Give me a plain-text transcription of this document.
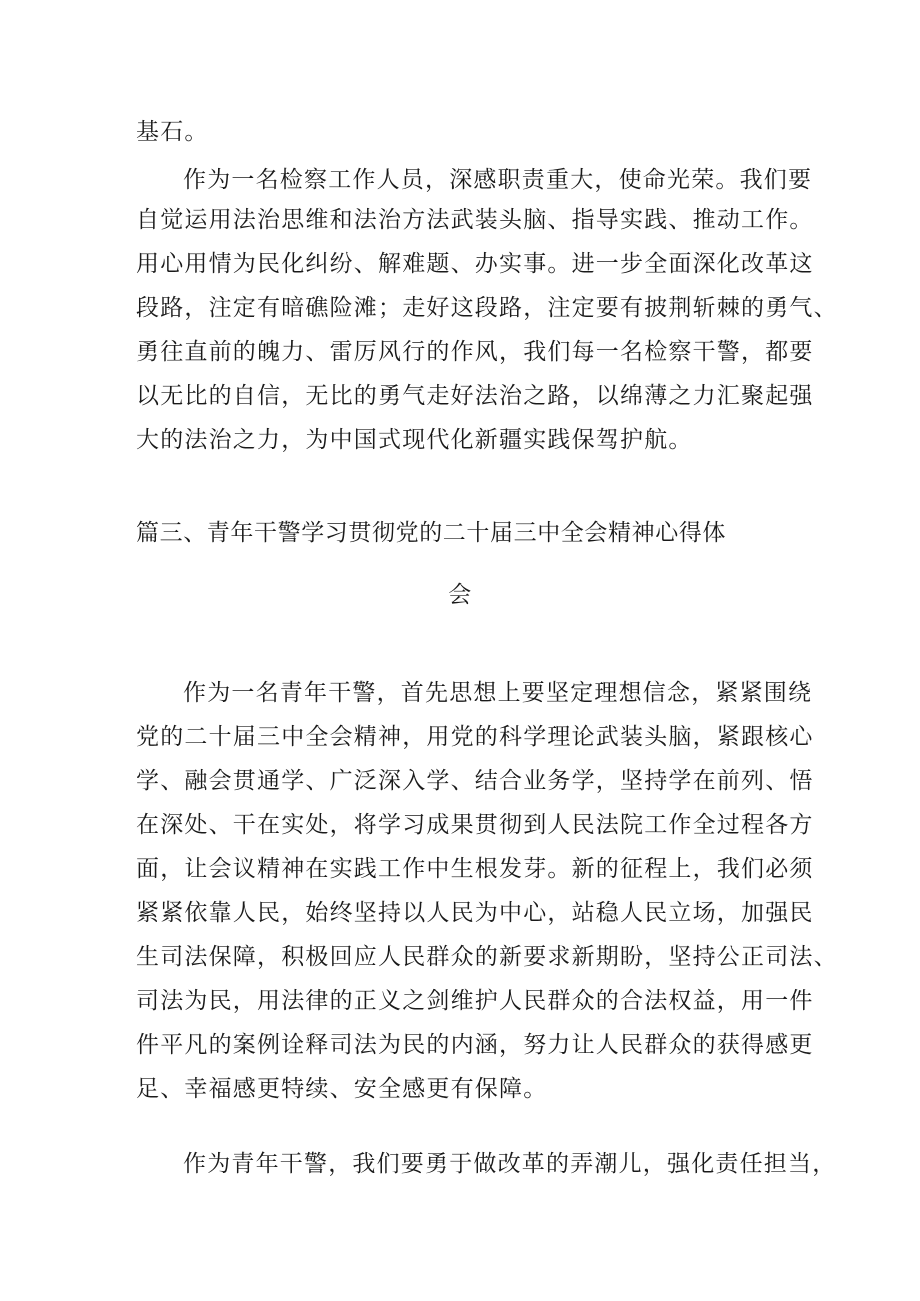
基石。

作为一名检察工作人员，深感职责重大，使命光荣。我们要

自觉运用法治思维和法治方法武装头脑、指导实践、推动工作。

用心用情为民化纠纷、解难题、办实事。进一步全面深化改革这

段路，注定有暗礁险滩；走好这段路，注定要有披荆斩棘的勇气、

勇往直前的魄力、雷厉风行的作风，我们每一名检察干警，都要

以无比的自信，无比的勇气走好法治之路，以绵薄之力汇聚起强

大的法治之力，为中国式现代化新疆实践保驾护航。

篇三、青年干警学习贯彻党的二十届三中全会精神心得体

会

作为一名青年干警，首先思想上要坚定理想信念，紧紧围绕

党的二十届三中全会精神，用党的科学理论武装头脑，紧跟核心

学、融会贯通学、广泛深入学、结合业务学，坚持学在前列、悟

在深处、干在实处，将学习成果贯彻到人民法院工作全过程各方

面，让会议精神在实践工作中生根发芽。新的征程上，我们必须

紧紧依靠人民，始终坚持以人民为中心，站稳人民立场，加强民

生司法保障，积极回应人民群众的新要求新期盼，坚持公正司法、

司法为民，用法律的正义之剑维护人民群众的合法权益，用一件

件平凡的案例诠释司法为民的内涵，努力让人民群众的获得感更

足、幸福感更特续、安全感更有保障。

作为青年干警，我们要勇于做改革的弄潮儿，强化责任担当，
